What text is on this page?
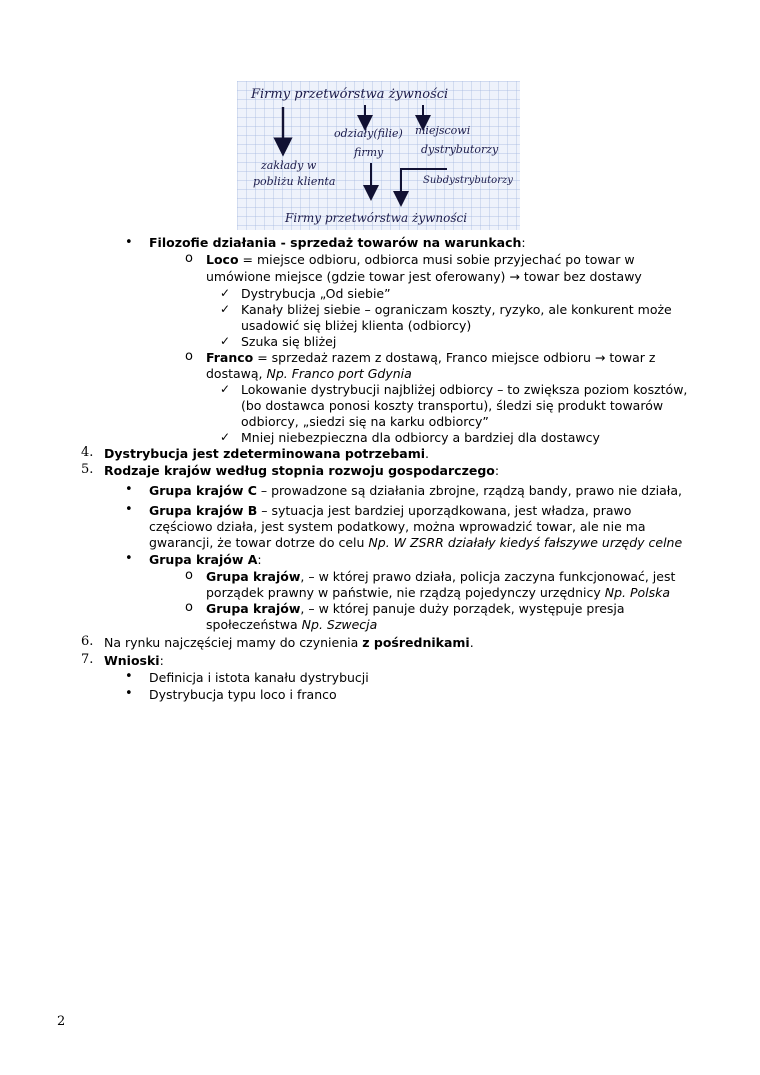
Firmy przetwórstwa żywności
odziały(filie)
firmy
miejscowi
dystrybutorzy
zakłady w
pobliżu klienta	Subdystrybutorzy
Firmy przetwórstwa żywności
• Filozofie działania - sprzedaż towarów na warunkach:
o Loco = miejsce odbioru, odbiorca musi sobie przyjechać po towar w
umówione miejsce (gdzie towar jest oferowany) → towar bez dostawy
✓ Dystrybucja „Od siebie”
✓ Kanały bliżej siebie – ograniczam koszty, ryzyko, ale konkurent może
usadowić się bliżej klienta (odbiorcy)
✓ Szuka się bliżej
o Franco = sprzedaż razem z dostawą, Franco miejsce odbioru → towar z
dostawą, Np. Franco port Gdynia
✓ Lokowanie dystrybucji najbliżej odbiorcy – to zwiększa poziom kosztów,
(bo dostawca ponosi koszty transportu), śledzi się produkt towarów
odbiorcy, „siedzi się na karku odbiorcy”
✓ Mniej niebezpieczna dla odbiorcy a bardziej dla dostawcy
4. Dystrybucja jest zdeterminowana potrzebami.
5. Rodzaje krajów według stopnia rozwoju gospodarczego:
• Grupa krajów C – prowadzone są działania zbrojne, rządzą bandy, prawo nie działa,
• Grupa krajów B – sytuacja jest bardziej uporządkowana, jest władza, prawo
częściowo działa, jest system podatkowy, można wprowadzić towar, ale nie ma
gwarancji, że towar dotrze do celu Np. W ZSRR działały kiedyś fałszywe urzędy celne
• Grupa krajów A:
o Grupa krajów, – w której prawo działa, policja zaczyna funkcjonować, jest
porządek prawny w państwie, nie rządzą pojedynczy urzędnicy Np. Polska
o Grupa krajów, – w której panuje duży porządek, występuje presja
społeczeństwa Np. Szwecja
6. Na rynku najczęściej mamy do czynienia z pośrednikami.
7. Wnioski:
• Definicja i istota kanału dystrybucji
• Dystrybucja typu loco i franco
2
